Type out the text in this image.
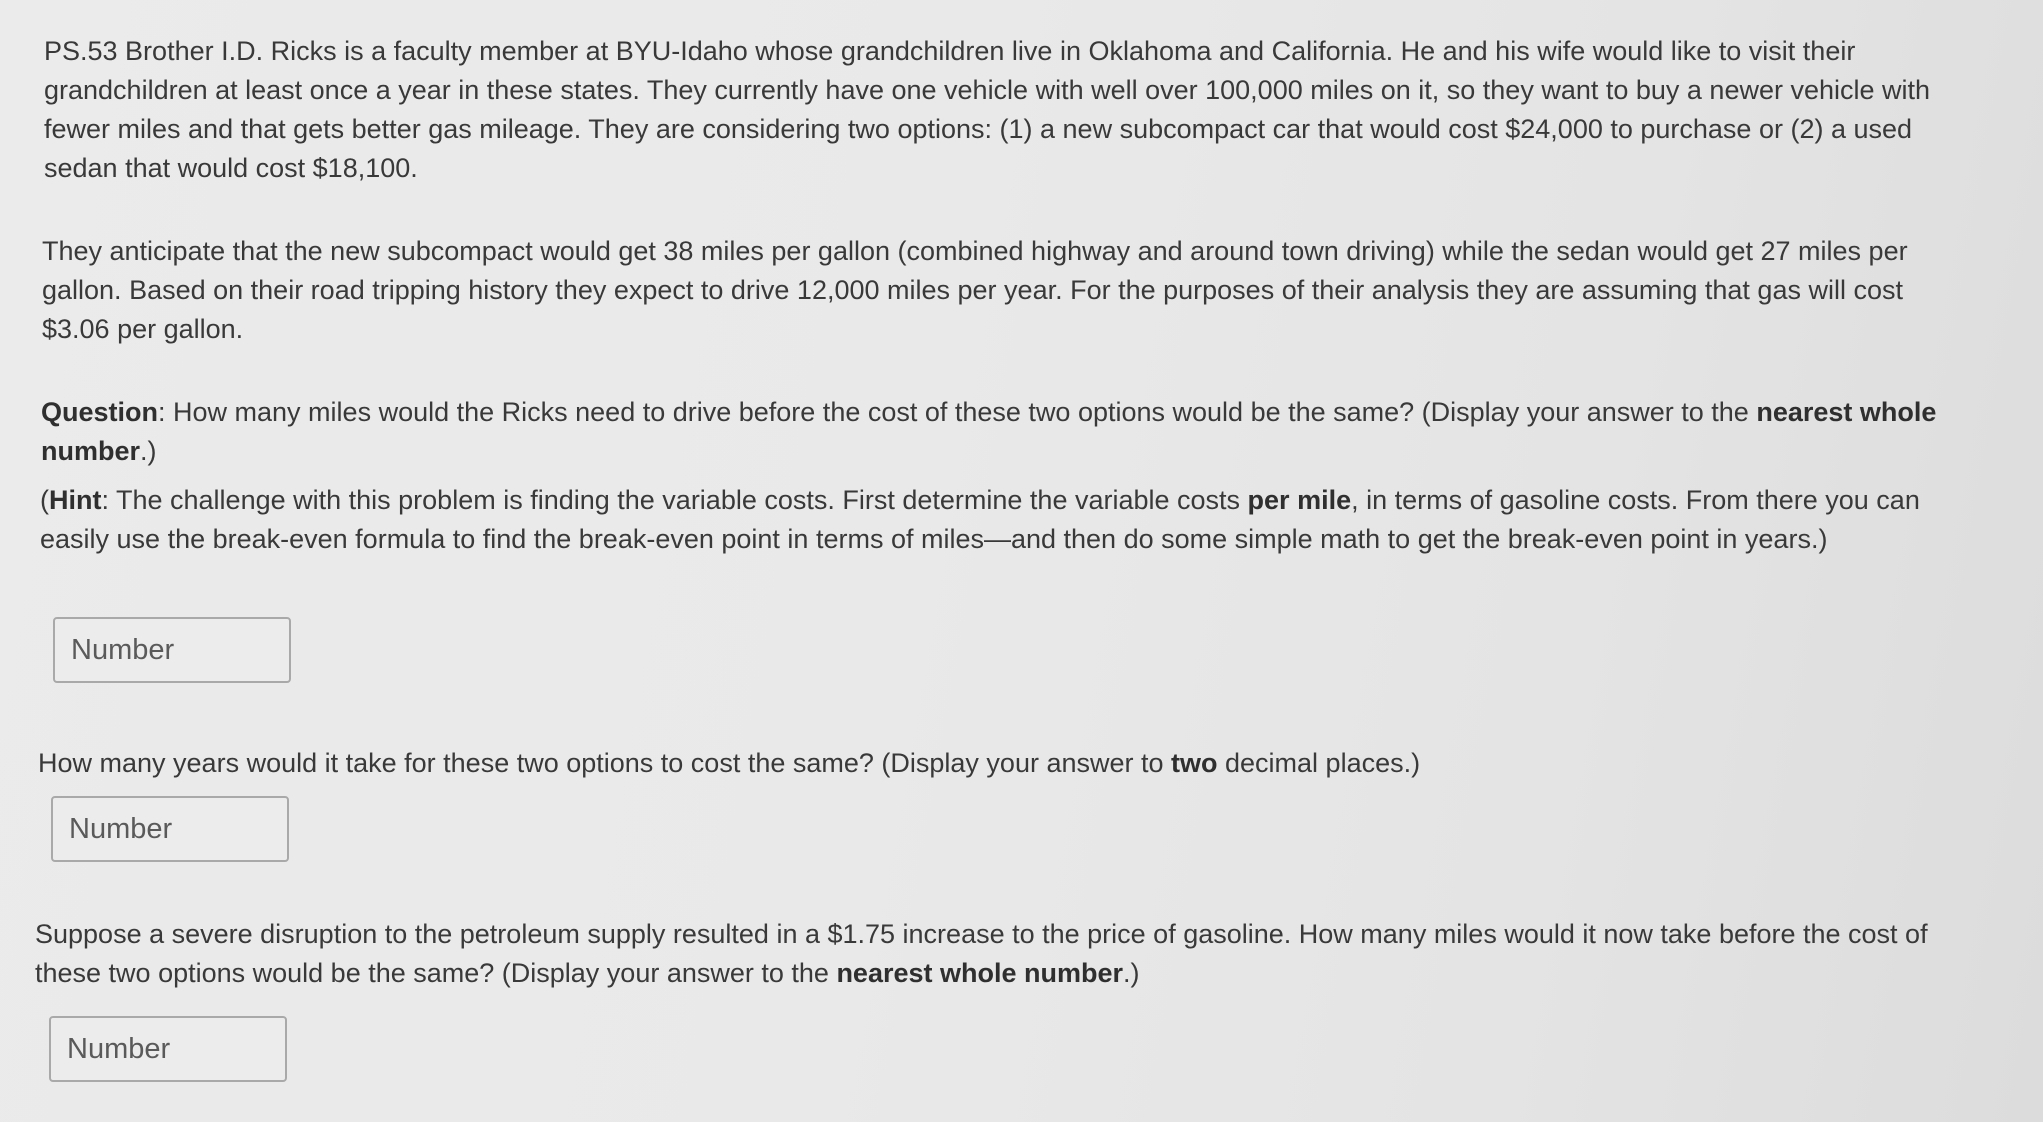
PS.53 Brother I.D. Ricks is a faculty member at BYU-Idaho whose grandchildren live in Oklahoma and California. He and his wife would like to visit their grandchildren at least once a year in these states. They currently have one vehicle with well over 100,000 miles on it, so they want to buy a newer vehicle with fewer miles and that gets better gas mileage. They are considering two options: (1) a new subcompact car that would cost $24,000 to purchase or (2) a used sedan that would cost $18,100.

They anticipate that the new subcompact would get 38 miles per gallon (combined highway and around town driving) while the sedan would get 27 miles per gallon. Based on their road tripping history they expect to drive 12,000 miles per year. For the purposes of their analysis they are assuming that gas will cost $3.06 per gallon.

Question: How many miles would the Ricks need to drive before the cost of these two options would be the same? (Display your answer to the nearest whole number.)

(Hint: The challenge with this problem is finding the variable costs. First determine the variable costs per mile, in terms of gasoline costs. From there you can easily use the break-even formula to find the break-even point in terms of miles—and then do some simple math to get the break-even point in years.)

Number

How many years would it take for these two options to cost the same? (Display your answer to two decimal places.)

Number

Suppose a severe disruption to the petroleum supply resulted in a $1.75 increase to the price of gasoline. How many miles would it now take before the cost of these two options would be the same? (Display your answer to the nearest whole number.)

Number
